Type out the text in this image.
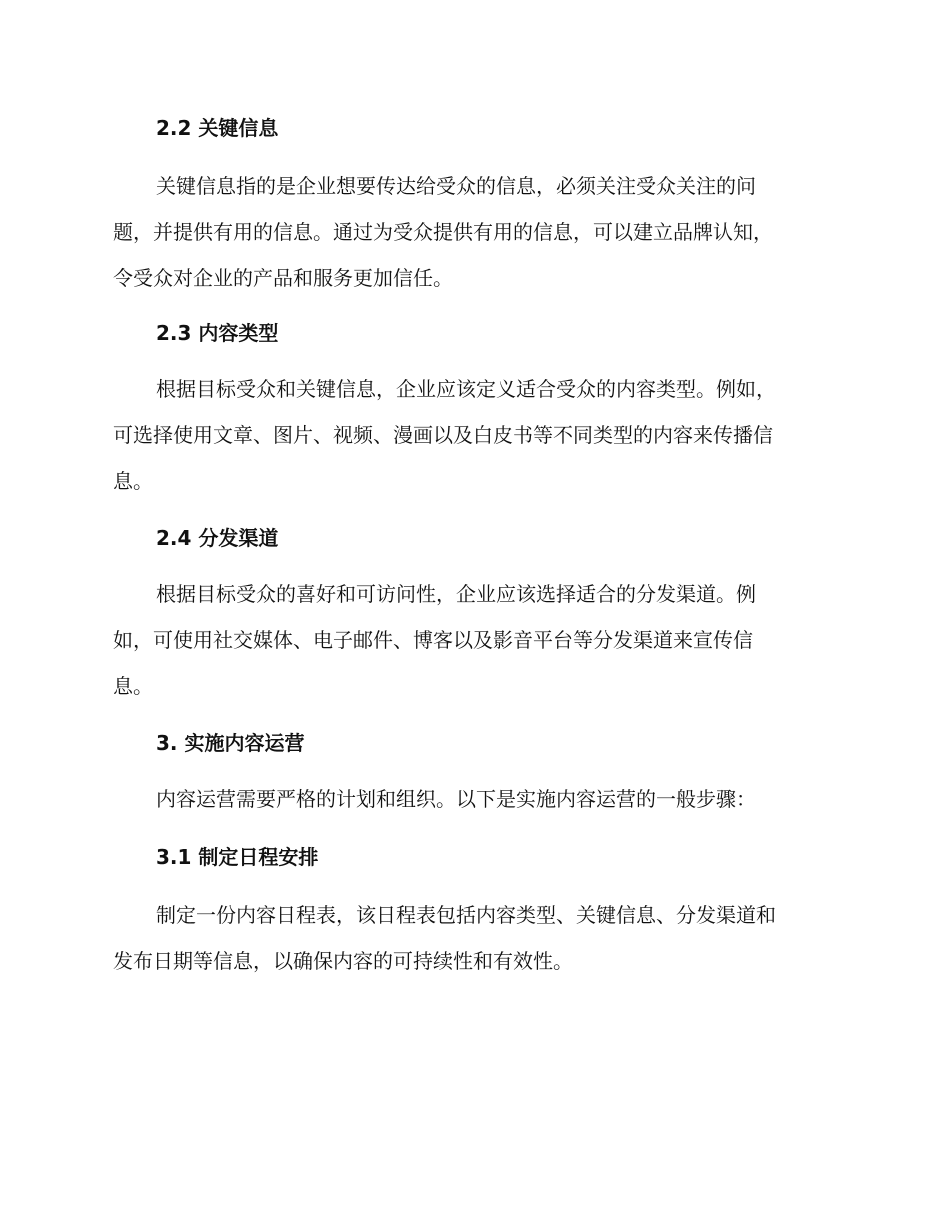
2.2 关键信息
关键信息指的是企业想要传达给受众的信息，必须关注受众关注的问
题，并提供有用的信息。通过为受众提供有用的信息，可以建立品牌认知，
令受众对企业的产品和服务更加信任。
2.3 内容类型
根据目标受众和关键信息，企业应该定义适合受众的内容类型。例如，
可选择使用文章、图片、视频、漫画以及白皮书等不同类型的内容来传播信
息。
2.4 分发渠道
根据目标受众的喜好和可访问性，企业应该选择适合的分发渠道。例
如，可使用社交媒体、电子邮件、博客以及影音平台等分发渠道来宣传信
息。
3. 实施内容运营
内容运营需要严格的计划和组织。以下是实施内容运营的一般步骤：
3.1 制定日程安排
制定一份内容日程表，该日程表包括内容类型、关键信息、分发渠道和
发布日期等信息，以确保内容的可持续性和有效性。
